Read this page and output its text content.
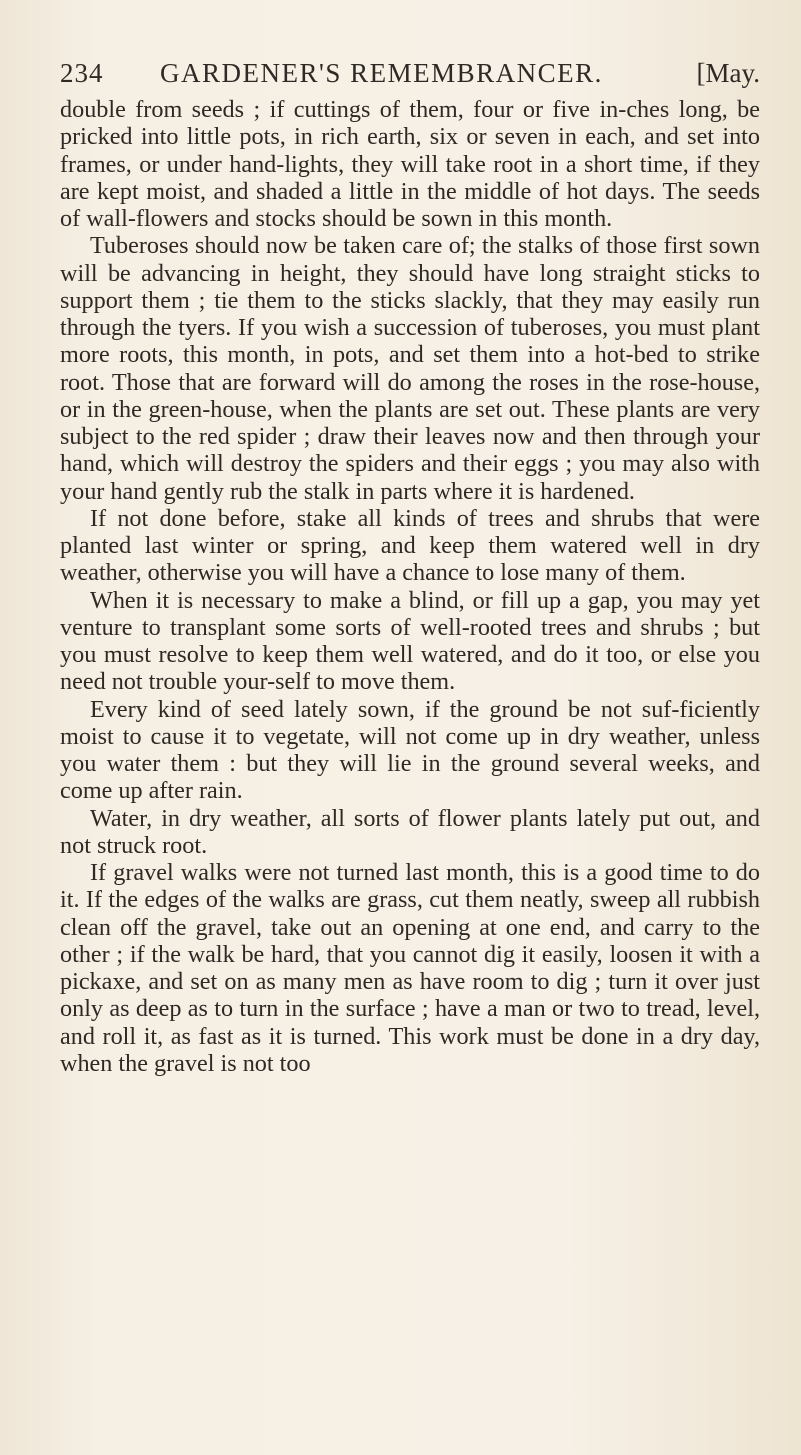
234 GARDENER'S REMEMBRANCER.	[May.

double from seeds ; if cuttings of them, four or five in-ches long, be pricked into little pots, in rich earth, six or seven in each, and set into frames, or under hand-lights, they will take root in a short time, if they are kept moist, and shaded a little in the middle of hot days. The seeds of wall-flowers and stocks should be sown in this month.

Tuberoses should now be taken care of; the stalks of those first sown will be advancing in height, they should have long straight sticks to support them ; tie them to the sticks slackly, that they may easily run through the tyers. If you wish a succession of tuberoses, you must plant more roots, this month, in pots, and set them into a hot-bed to strike root. Those that are forward will do among the roses in the rose-house, or in the green-house, when the plants are set out. These plants are very subject to the red spider ; draw their leaves now and then through your hand, which will destroy the spiders and their eggs ; you may also with your hand gently rub the stalk in parts where it is hardened.

If not done before, stake all kinds of trees and shrubs that were planted last winter or spring, and keep them watered well in dry weather, otherwise you will have a chance to lose many of them.

When it is necessary to make a blind, or fill up a gap, you may yet venture to transplant some sorts of well-rooted trees and shrubs ; but you must resolve to keep them well watered, and do it too, or else you need not trouble your-self to move them.

Every kind of seed lately sown, if the ground be not suf-ficiently moist to cause it to vegetate, will not come up in dry weather, unless you water them : but they will lie in the ground several weeks, and come up after rain.

Water, in dry weather, all sorts of flower plants lately put out, and not struck root.

If gravel walks were not turned last month, this is a good time to do it. If the edges of the walks are grass, cut them neatly, sweep all rubbish clean off the gravel, take out an opening at one end, and carry to the other ; if the walk be hard, that you cannot dig it easily, loosen it with a pickaxe, and set on as many men as have room to dig ; turn it over just only as deep as to turn in the surface ; have a man or two to tread, level, and roll it, as fast as it is turned. This work must be done in a dry day, when the gravel is not too
